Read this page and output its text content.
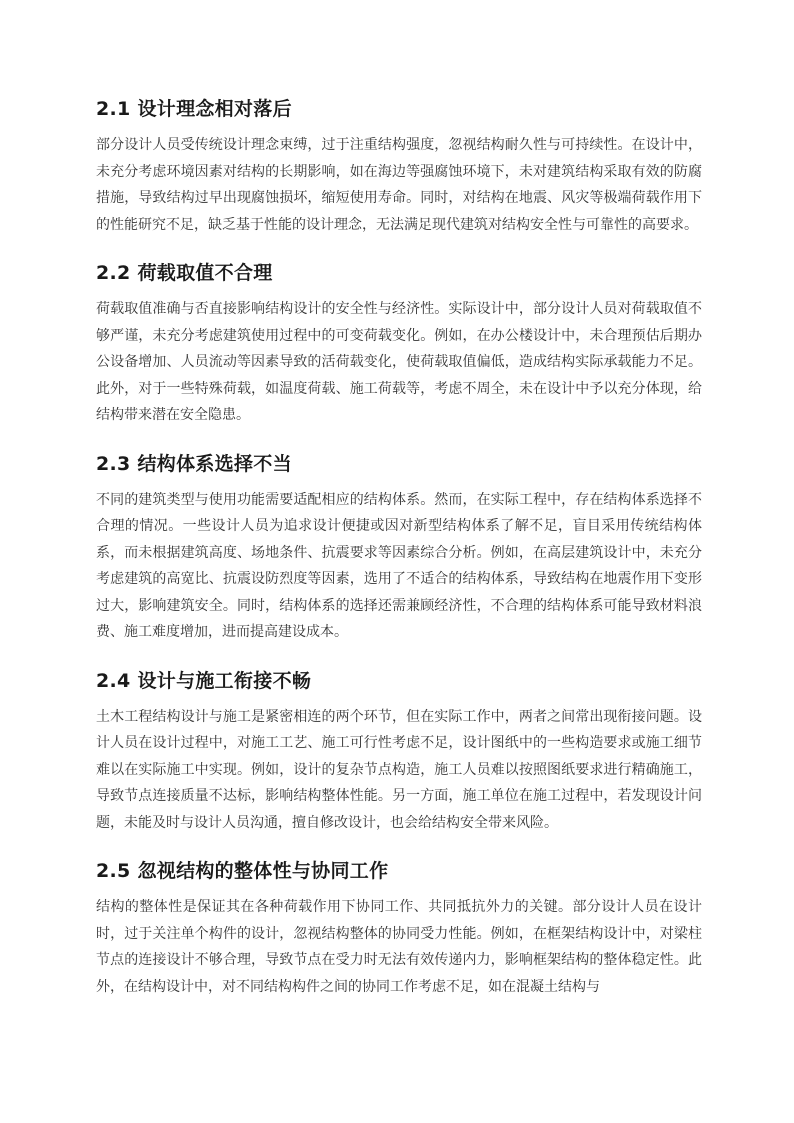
2.1 设计理念相对落后

部分设计人员受传统设计理念束缚，过于注重结构强度，忽视结构耐久性与可持续性。在设计中，未充分考虑环境因素对结构的长期影响，如在海边等强腐蚀环境下，未对建筑结构采取有效的防腐措施，导致结构过早出现腐蚀损坏，缩短使用寿命。同时，对结构在地震、风灾等极端荷载作用下的性能研究不足，缺乏基于性能的设计理念，无法满足现代建筑对结构安全性与可靠性的高要求。

2.2 荷载取值不合理

荷载取值准确与否直接影响结构设计的安全性与经济性。实际设计中，部分设计人员对荷载取值不够严谨，未充分考虑建筑使用过程中的可变荷载变化。例如，在办公楼设计中，未合理预估后期办公设备增加、人员流动等因素导致的活荷载变化，使荷载取值偏低，造成结构实际承载能力不足。此外，对于一些特殊荷载，如温度荷载、施工荷载等，考虑不周全，未在设计中予以充分体现，给结构带来潜在安全隐患。

2.3 结构体系选择不当

不同的建筑类型与使用功能需要适配相应的结构体系。然而，在实际工程中，存在结构体系选择不合理的情况。一些设计人员为追求设计便捷或因对新型结构体系了解不足，盲目采用传统结构体系，而未根据建筑高度、场地条件、抗震要求等因素综合分析。例如，在高层建筑设计中，未充分考虑建筑的高宽比、抗震设防烈度等因素，选用了不适合的结构体系，导致结构在地震作用下变形过大，影响建筑安全。同时，结构体系的选择还需兼顾经济性，不合理的结构体系可能导致材料浪费、施工难度增加，进而提高建设成本。

2.4 设计与施工衔接不畅

土木工程结构设计与施工是紧密相连的两个环节，但在实际工作中，两者之间常出现衔接问题。设计人员在设计过程中，对施工工艺、施工可行性考虑不足，设计图纸中的一些构造要求或施工细节难以在实际施工中实现。例如，设计的复杂节点构造，施工人员难以按照图纸要求进行精确施工，导致节点连接质量不达标，影响结构整体性能。另一方面，施工单位在施工过程中，若发现设计问题，未能及时与设计人员沟通，擅自修改设计，也会给结构安全带来风险。

2.5 忽视结构的整体性与协同工作

结构的整体性是保证其在各种荷载作用下协同工作、共同抵抗外力的关键。部分设计人员在设计时，过于关注单个构件的设计，忽视结构整体的协同受力性能。例如，在框架结构设计中，对梁柱节点的连接设计不够合理，导致节点在受力时无法有效传递内力，影响框架结构的整体稳定性。此外，在结构设计中，对不同结构构件之间的协同工作考虑不足，如在混凝土结构与
